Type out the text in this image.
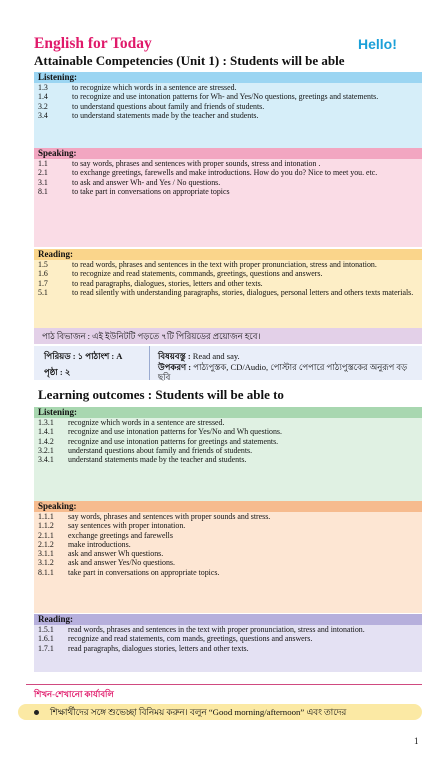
English for Today	Hello!
Attainable Competencies (Unit 1) : Students will be able
Listening:
1.3	to recognize which words in a sentence are stressed.
1.4	to recognize and use intonation patterns for Wh- and Yes/No questions, greetings and statements.
3.2	to understand questions about family and friends of students.
3.4	to understand statements made by the teacher and students.
Speaking:
1.1	to say words, phrases and sentences with proper sounds, stress and intonation .
2.1	to exchange greetings, farewells and make introductions. How do you do? Nice to meet you. etc.
3.1	to ask and answer Wh- and Yes / No questions.
8.1	to take part in conversations on appropriate topics
Reading:
1.5	to read words, phrases and sentences in the text with proper pronunciation, stress and intonation.
1.6	to recognize and read statements, commands, greetings, questions and answers.
1.7	to read paragraphs, dialogues, stories, letters and other texts.
5.1	to read silently with understanding paragraphs, stories, dialogues, personal letters and others texts materials.
পাঠ বিভাজন : এই ইউনিটটি পড়তে ৭টি পিরিয়ডের প্রয়োজন হবে।
পিরিয়ড : ১ পাঠাংশ : A
পৃষ্ঠা : ২
বিষয়বস্তু : Read and say.
উপকরণ : পাঠ্যপুস্তক, CD/Audio, পোস্টার পেপারে পাঠ্যপুস্তকের অনুরূপ বড় ছবি
Learning outcomes : Students will be able to
Listening:
1.3.1	recognize which words in a sentence are stressed.
1.4.1	recognize and use intonation patterns for Yes/No and Wh questions.
1.4.2	recognize and use intonation patterns for greetings and statements.
3.2.1	understand questions about family and friends of students.
3.4.1	understand statements made by the teacher and students.
Speaking:
1.1.1	say words, phrases and sentences with proper sounds and stress.
1.1.2	say sentences with proper intonation.
2.1.1	exchange greetings and farewells
2.1.2	make introductions.
3.1.1	ask and answer Wh questions.
3.1.2	ask and answer Yes/No questions.
8.1.1	take part in conversations on appropriate topics.
Reading:
1.5.1	read words, phrases and sentences in the text with proper pronunciation, stress and intonation.
1.6.1	recognize and read statements, com mands, greetings, questions and answers.
1.7.1	read paragraphs, dialogues stories, letters and other texts.
শিখন-শেখানো কার্যাবলি
শিক্ষার্থীদের সঙ্গে শুভেচ্ছা বিনিময় করুন। বলুন “Good morning/afternoon” এবং তাদের
1
